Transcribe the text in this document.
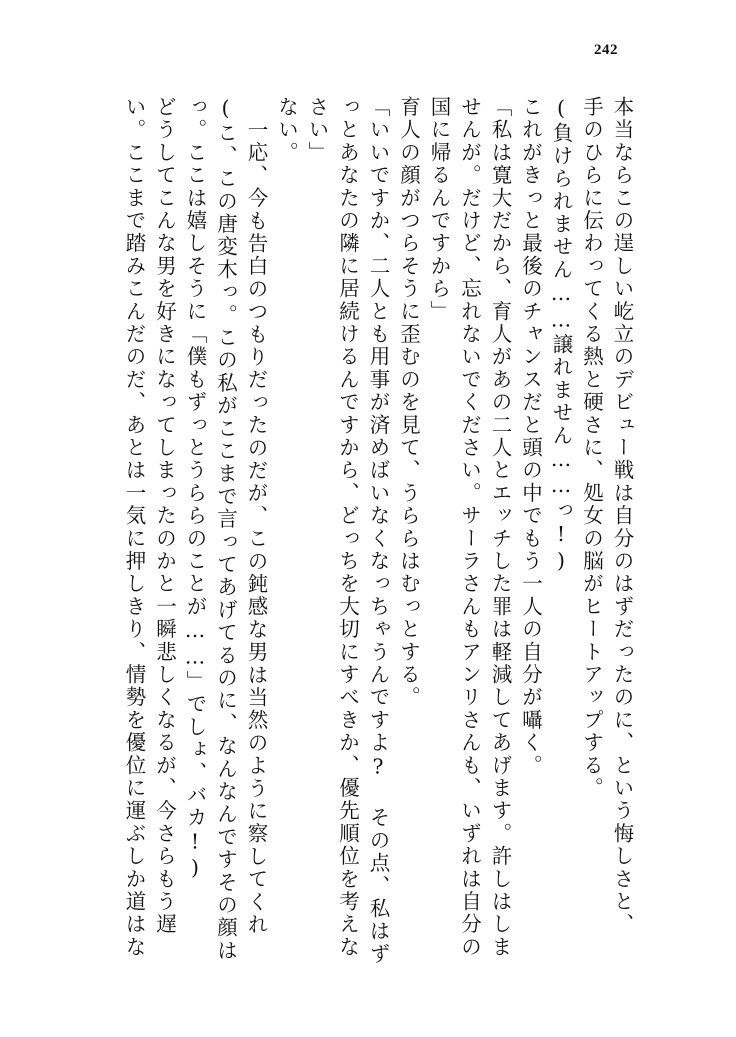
242
本当ならこの逞しい屹立のデビュー戦は自分のはずだったのに、という悔しさと、
手のひらに伝わってくる熱と硬さに、処女の脳がヒートアップする。
(負けられません……譲れません……っ!)
これがきっと最後のチャンスだと頭の中でもう一人の自分が囁く。
「私は寛大だから、育人があの二人とエッチした罪は軽減してあげます。許しはしま
せんが。だけど、忘れないでください。サーラさんもアンリさんも、いずれは自分の
国に帰るんですから」
育人の顔がつらそうに歪むのを見て、うららはむっとする。
「いいですか、二人とも用事が済めばいなくなっちゃうんですよ? その点、私はず
っとあなたの隣に居続けるんですから、どっちを大切にすべきか、優先順位を考えな
さい」
ない。
一応、今も告白のつもりだったのだが、この鈍感な男は当然のように察してくれ
(こ、この唐変木っ。この私がここまで言ってあげてるのに、なんなんですその顔は
っ。ここは嬉しそうに「僕もずっとうららのことが……」でしょ、バカ!)
どうしてこんな男を好きになってしまったのかと一瞬悲しくなるが、今さらもう遅
い。ここまで踏みこんだのだ、あとは一気に押しきり、情勢を優位に運ぶしか道はな
